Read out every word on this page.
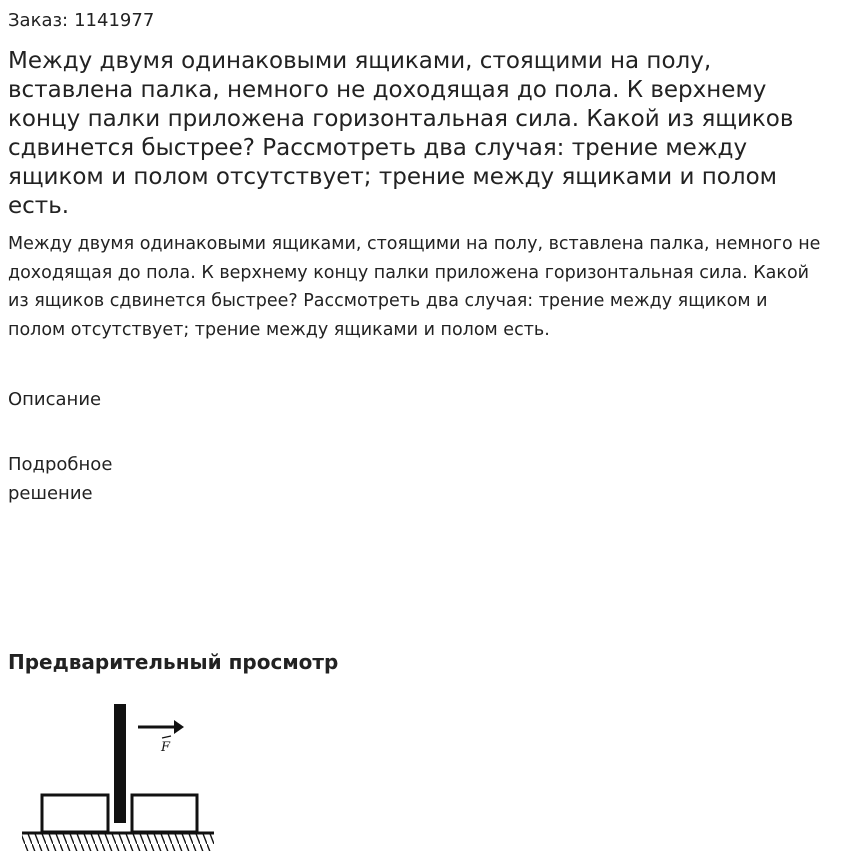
Заказ: 1141977
Между двумя одинаковыми ящиками, стоящими на полу, вставлена палка, немного не доходящая до пола. К верхнему концу палки приложена горизонтальная сила. Какой из ящиков сдвинется быстрее? Рассмотреть два случая: трение между ящиком и полом отсутствует; трение между ящиками и полом есть.

Между двумя одинаковыми ящиками, стоящими на полу, вставлена палка, немного не доходящая до пола. К верхнему концу палки приложена горизонтальная сила. Какой из ящиков сдвинется быстрее? Рассмотреть два случая: трение между ящиком и полом отсутствует; трение между ящиками и полом есть.

Описание
Подробное решение
Предварительный просмотр
F
